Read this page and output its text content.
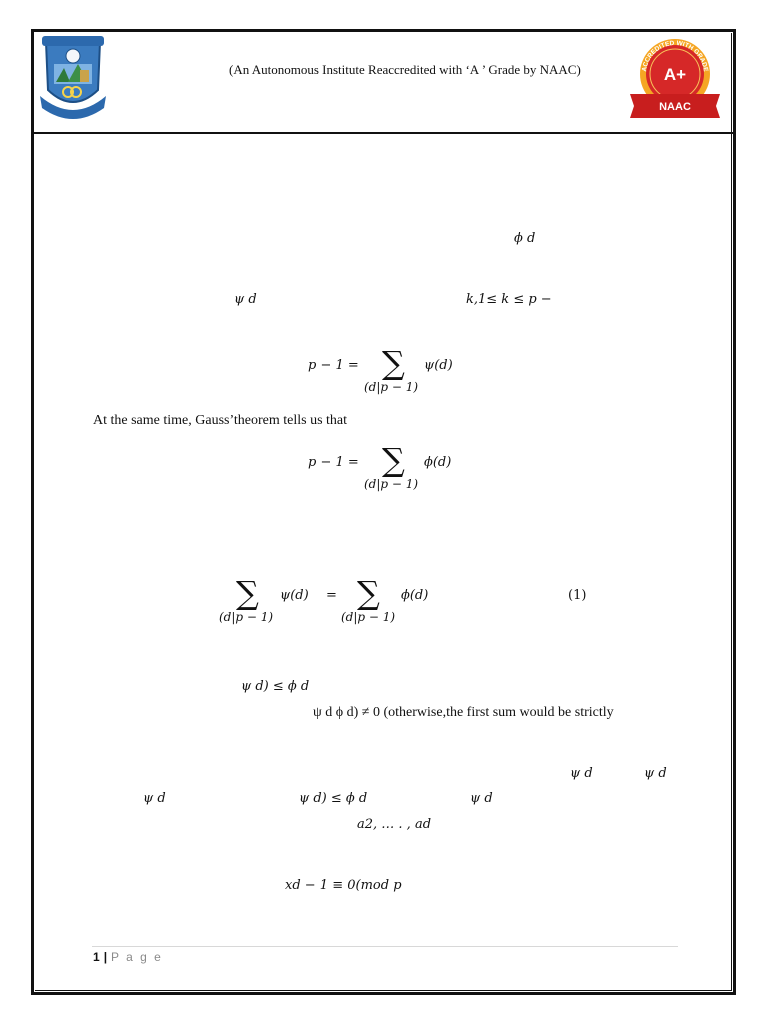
(An Autonomous Institute Reaccredited with ‘A ’ Grade by NAAC)	ACCREDITED WITH GRADE
A+
NAAC
ϕ d
ψ d	k,1≤ k ≤ p −
p − 1 = ∑ ψ(d)
(d|p − 1)
At the same time, Gauss’theorem tells us that
p − 1 = ∑ ϕ(d)
(d|p − 1)
∑ ψ(d)
(d|p − 1)
= ∑ ϕ(d)
(d|p − 1)
(1)
ψ d) ≤ ϕ d
ψ d ϕ d) ≠ 0 (otherwise,the first sum would be strictly
ψ d	ψ d
ψ d	ψ d) ≤ ϕ d	ψ d
a2, … . , ad
xd − 1 ≡ 0(mod p
1 | P a g e
